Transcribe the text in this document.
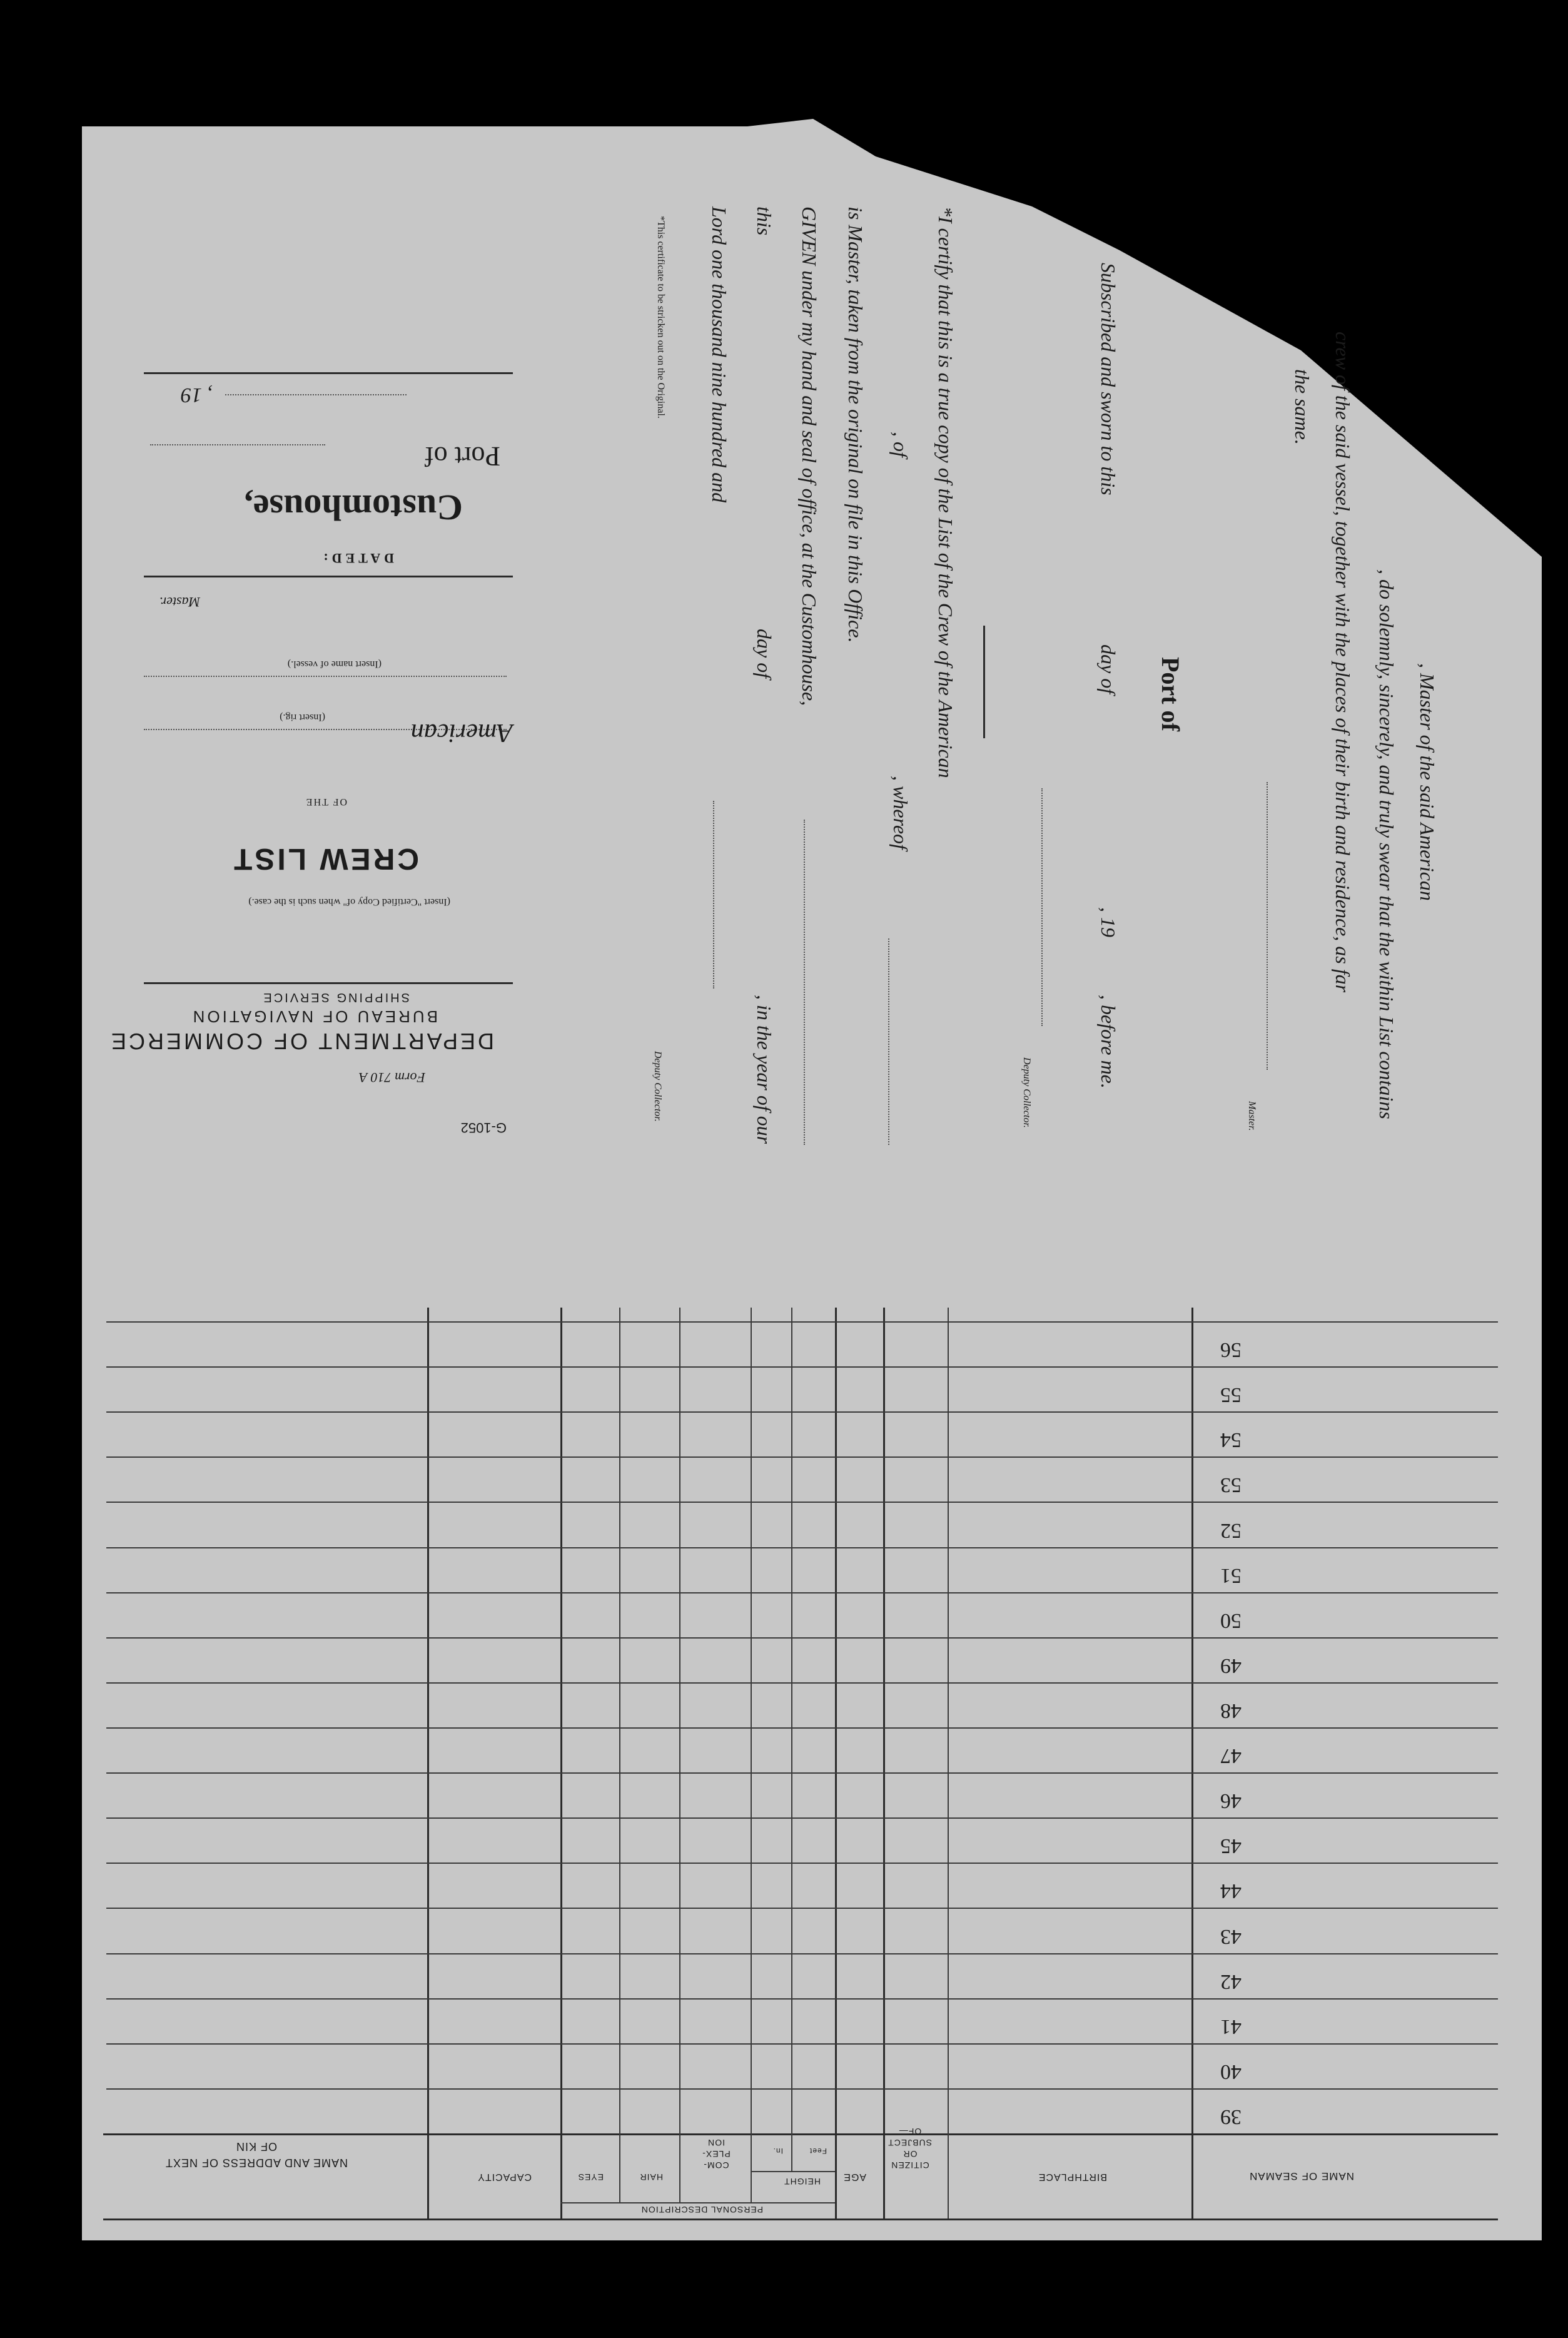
Port of
, 19
Customhouse,
DATED:
Master.
(Insert name of vessel.)
(Insert rig.)
American
OF THE
CREW LIST
(Insert "Certified Copy of" when such is the case.)
SHIPPING SERVICE
BUREAU OF NAVIGATION
DEPARTMENT OF COMMERCE
Form 710 A
G-1052
*This certificate to be stricken out on the Original. Lord one thousand nine hundred and this
day of
, in the year of our
GIVEN under my hand and seal of office, at the Customhouse, is Master, taken from the original on file in this Office. , of
, whereof
*I certify that this is a true copy of the List of the Crew of the American
Deputy Collector.
Subscribed and sworn to this
day of
, 19
, before me.
Deputy Collector.
Port of
Master.
the same. crew of the said vessel, together with the places of their birth and residence, as far , do solemnly, sincerely, and truly swear that the within List contains , Master of the said American
39
40
41
42
43
44
45
46
47
48
49
50
51
52
53
54
55
56
NAME OF SEAMAN
BIRTHPLACE
CITIZEN OR SUBJECT OF—
AGE
PERSONAL DESCRIPTION
HEIGHT
Feet
In.
COM-PLEX-ION
HAIR
EYES
CAPACITY
NAME AND ADDRESS OF NEXT OF KIN
